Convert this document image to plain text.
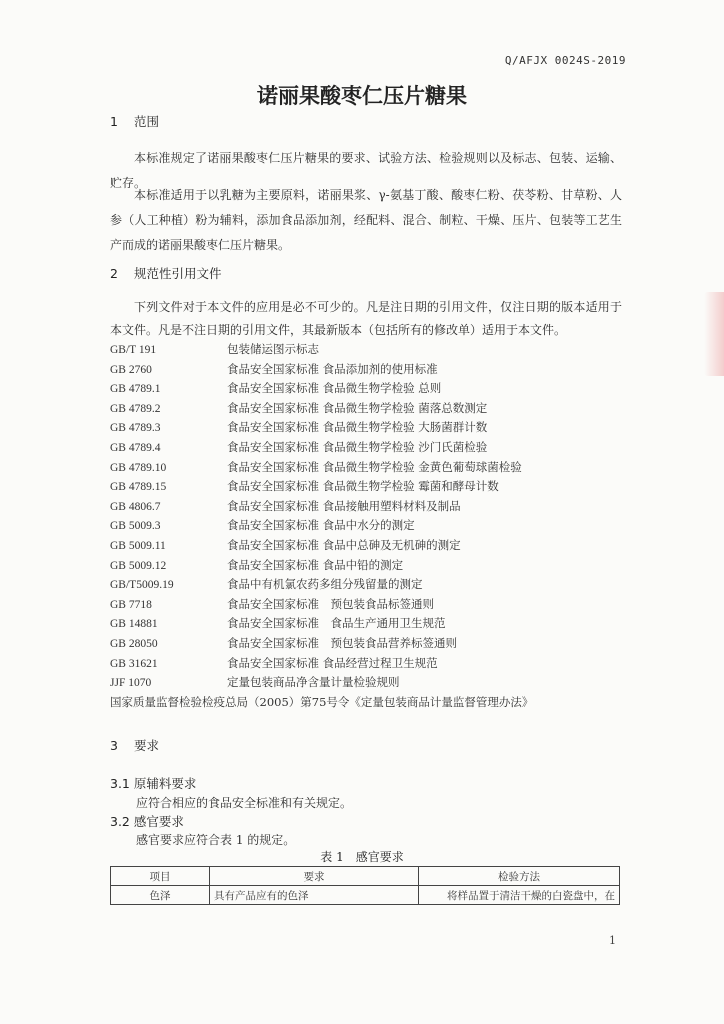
Q/AFJX 0024S-2019
诺丽果酸枣仁压片糖果
1 范围
本标准规定了诺丽果酸枣仁压片糖果的要求、试验方法、检验规则以及标志、包装、运输、贮存。
本标准适用于以乳糖为主要原料，诺丽果浆、γ-氨基丁酸、酸枣仁粉、茯苓粉、甘草粉、人参（人工种植）粉为辅料，添加食品添加剂，经配料、混合、制粒、干燥、压片、包装等工艺生产而成的诺丽果酸枣仁压片糖果。
2 规范性引用文件
下列文件对于本文件的应用是必不可少的。凡是注日期的引用文件，仅注日期的版本适用于本文件。凡是不注日期的引用文件，其最新版本（包括所有的修改单）适用于本文件。
GB/T 191	包装储运图示标志
GB 2760	食品安全国家标准 食品添加剂的使用标准
GB 4789.1	食品安全国家标准 食品微生物学检验 总则
GB 4789.2	食品安全国家标准 食品微生物学检验 菌落总数测定
GB 4789.3	食品安全国家标准 食品微生物学检验 大肠菌群计数
GB 4789.4	食品安全国家标准 食品微生物学检验 沙门氏菌检验
GB 4789.10	食品安全国家标准 食品微生物学检验 金黄色葡萄球菌检验
GB 4789.15	食品安全国家标准 食品微生物学检验 霉菌和酵母计数
GB 4806.7	食品安全国家标准 食品接触用塑料材料及制品
GB 5009.3	食品安全国家标准 食品中水分的测定
GB 5009.11	食品安全国家标准 食品中总砷及无机砷的测定
GB 5009.12	食品安全国家标准 食品中铅的测定
GB/T5009.19	食品中有机氯农药多组分残留量的测定
GB 7718	食品安全国家标准　预包装食品标签通则
GB 14881	食品安全国家标准　食品生产通用卫生规范
GB 28050	食品安全国家标准　预包装食品营养标签通则
GB 31621	食品安全国家标准 食品经营过程卫生规范
JJF 1070	定量包装商品净含量计量检验规则
国家质量监督检验检疫总局（2005）第75号令《定量包装商品计量监督管理办法》
3 要求
3.1 原辅料要求
应符合相应的食品安全标准和有关规定。
3.2 感官要求
感官要求应符合表 1 的规定。
表 1 感官要求
项目	要求	检验方法
色泽	具有产品应有的色泽	将样品置于清洁干燥的白瓷盘中，在
1
